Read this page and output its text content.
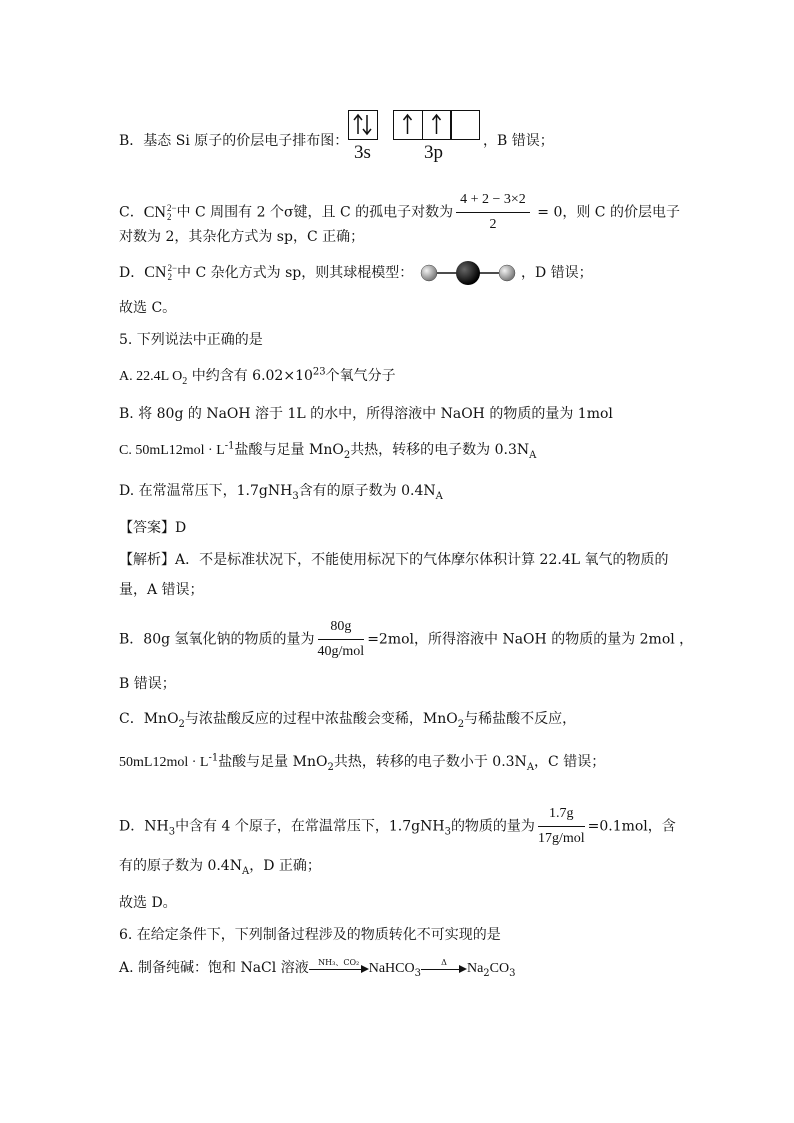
B．基态 Si 原子的价层电子排布图：
3s	3p
，B 错误；
C．CN 2−
2 中 C 周围有 2 个σ键，且 C 的孤电子对数为 $\frac{4 + 2 - 3\times 2}{2} = 0$，则 C 的价层电子
对数为 2，其杂化方式为 sp，C 正确；
D．CN 2−
2 中 C 杂化方式为 sp，则其球棍模型：	，D 错误；
故选 C。
5. 下列说法中正确的是
A. 22.4L $O_2$ 中约含有 $6.02\times 10^{23}$个氧气分子
B. 将 80g 的 NaOH 溶于 1L 的水中，所得溶液中 NaOH 的物质的量为 1mol
C. $50mL12mol \cdot L^{-1}$盐酸与足量 MnO$_2$共热，转移的电子数为 $0.3N_A$
D. 在常温常压下，1.7gNH$_3$含有的原子数为 $0.4N_A$
【答案】D
【解析】A．不是标准状况下，不能使用标况下的气体摩尔体积计算 22.4L 氧气的物质的
量，A 错误；
B．80g 氢氧化钠的物质的量为 $\frac{80g}{\text{40g/mol}} =2mol$，所得溶液中 NaOH 的物质的量为 2mol ，
B 错误；
C．MnO$_2$与浓盐酸反应的过程中浓盐酸会变稀，MnO$_2$与稀盐酸不反应，
$50mL12mol \cdot L^{-1}$盐酸与足量 MnO$_2$共热，转移的电子数小于 $0.3N_A$，C 错误；
D．$NH_3$中含有 4 个原子，在常温常压下，1.7gNH$_3$的物质的量为 $\frac{1.7g}{\text{17g/mol}} =0.1mol$，含
有的原子数为 $0.4N_A$，D 正确；
故选 D。
6. 在给定条件下，下列制备过程涉及的物质转化不可实现的是
A. 制备纯碱：饱和 NaCl 溶液	NH₃、CO₂ NaHCO$_3$
Δ	$Na_2CO_3$
